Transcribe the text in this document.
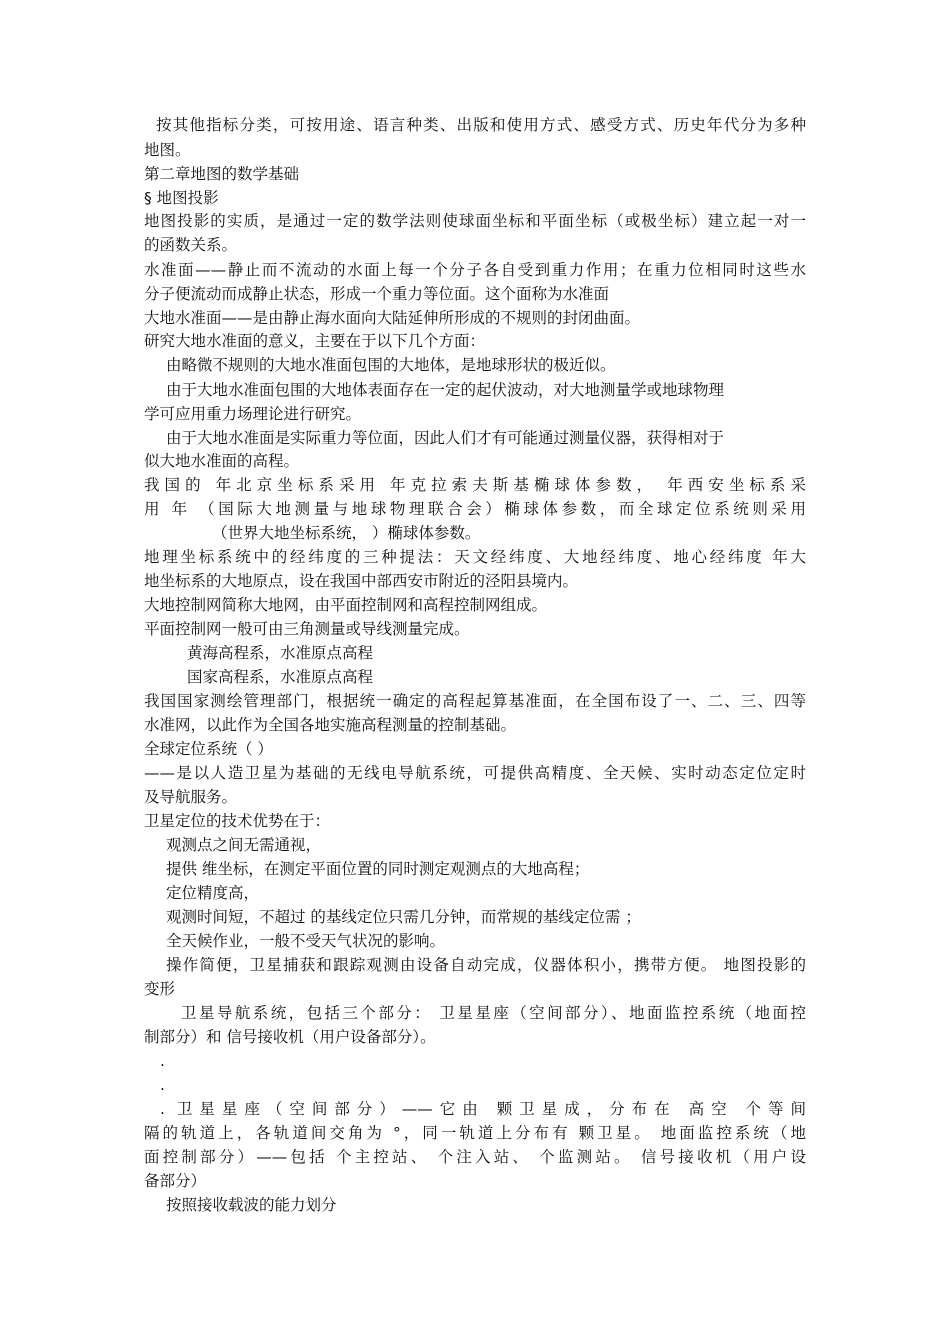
按其他指标分类，可按用途、语言种类、出版和使用方式、感受方式、历史年代分为多种

地图。

第二章地图的数学基础

§ 地图投影

地图投影的实质，是通过一定的数学法则使球面坐标和平面坐标（或极坐标）建立起一对一

的函数关系。

水准面——静止而不流动的水面上每一个分子各自受到重力作用；在重力位相同时这些水

分子便流动而成静止状态，形成一个重力等位面。这个面称为水准面

大地水准面——是由静止海水面向大陆延伸所形成的不规则的封闭曲面。

研究大地水准面的意义，主要在于以下几个方面：

由略微不规则的大地水准面包围的大地体，是地球形状的极近似。

由于大地水准面包围的大地体表面存在一定的起伏波动，对大地测量学或地球物理

学可应用重力场理论进行研究。

由于大地水准面是实际重力等位面，因此人们才有可能通过测量仪器，获得相对于

似大地水准面的高程。

我国的 年北京坐标系采用 年克拉索夫斯基椭球体参数， 年西安坐标系采

用 年 （国际大地测量与地球物理联合会）椭球体参数，而全球定位系统则采用

（世界大地坐标系统， ）椭球体参数。

地理坐标系统中的经纬度的三种提法：天文经纬度、大地经纬度、地心经纬度 年大

地坐标系的大地原点，设在我国中部西安市附近的泾阳县境内。

大地控制网简称大地网，由平面控制网和高程控制网组成。

平面控制网一般可由三角测量或导线测量完成。

黄海高程系，水准原点高程

国家高程系，水准原点高程

我国国家测绘管理部门，根据统一确定的高程起算基准面，在全国布设了一、二、三、四等

水准网，以此作为全国各地实施高程测量的控制基础。

全球定位系统（ ）

——是以人造卫星为基础的无线电导航系统，可提供高精度、全天候、实时动态定位定时

及导航服务。

卫星定位的技术优势在于：

观测点之间无需通视，

提供 维坐标，在测定平面位置的同时测定观测点的大地高程；

定位精度高，

观测时间短，不超过 的基线定位只需几分钟，而常规的基线定位需 ；

全天候作业，一般不受天气状况的影响。

操作简便，卫星捕获和跟踪观测由设备自动完成，仪器体积小，携带方便。 地图投影的

变形

卫星导航系统，包括三个部分： 卫星星座（空间部分）、地面监控系统（地面控

制部分）和 信号接收机（用户设备部分）。

.

.

. 卫星星座（空间部分）——它由 颗卫星成，分布在 高空 个等间

隔的轨道上，各轨道间交角为 °，同一轨道上分布有 颗卫星。 地面监控系统（地

面控制部分）——包括 个主控站、 个注入站、 个监测站。 信号接收机（用户设

备部分）

按照接收载波的能力划分
